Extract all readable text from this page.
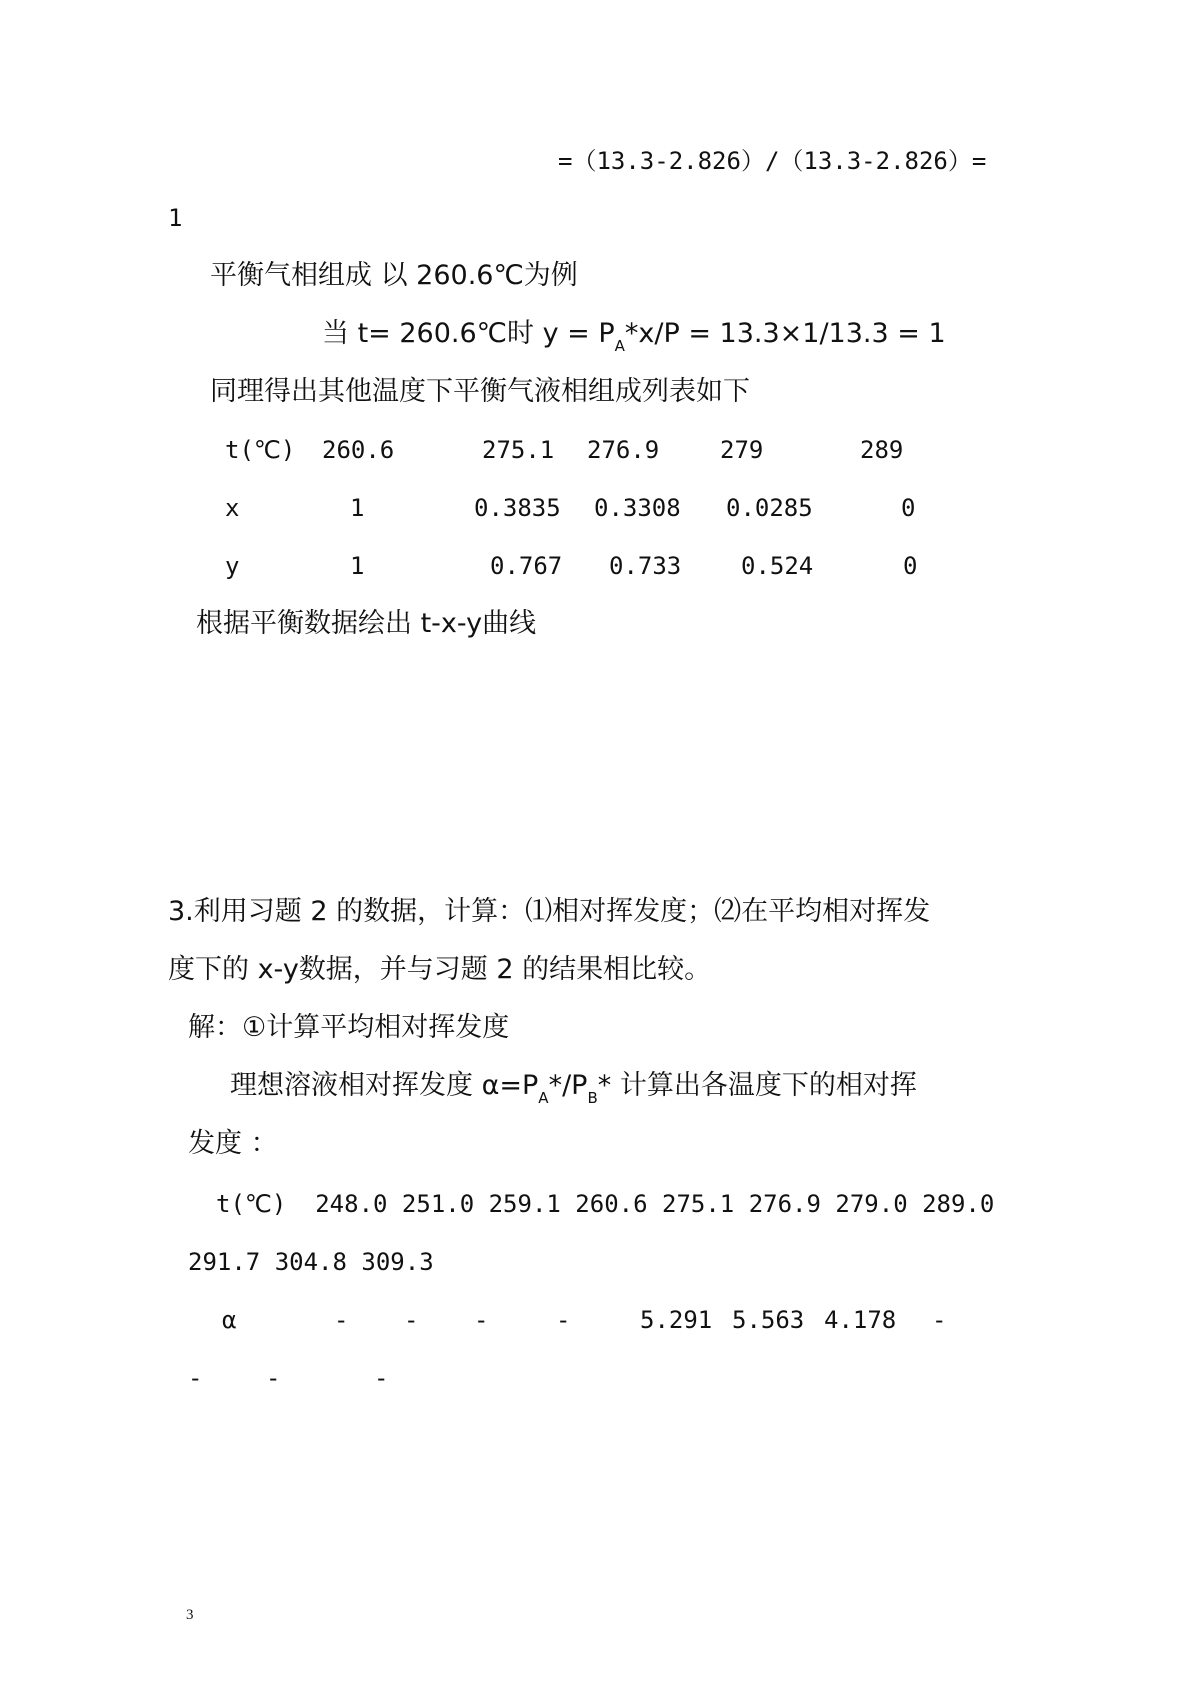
=（13.3-2.826）/（13.3-2.826）=
1
平衡气相组成 以 260.6℃为例
当 t= 260.6℃时 $y = P_A*x/P = 13.3\times 1/13.3 = 1$
同理得出其他温度下平衡气液相组成列表如下
t(℃) 260.6	275.1 276.9	279	289
x	1	0.3835 0.3308 0.0285	0
y	1	0.767 0.733 0.524	0
根据平衡数据绘出 t-x-y曲线
3.利用习题 2 的数据，计算：⑴相对挥发度；⑵在平均相对挥发
度下的 x-y数据，并与习题 2 的结果相比较。
解：①计算平均相对挥发度
理想溶液相对挥发度 $\alpha=P_A*/P_B*$ 计算出各温度下的相对挥
发度 ：
t(℃) 248.0 251.0 259.1 260.6 275.1 276.9 279.0 289.0
291.7 304.8 309.3
α	- - -	-	5.291 5.563 4.178 -
-	-	-
3
